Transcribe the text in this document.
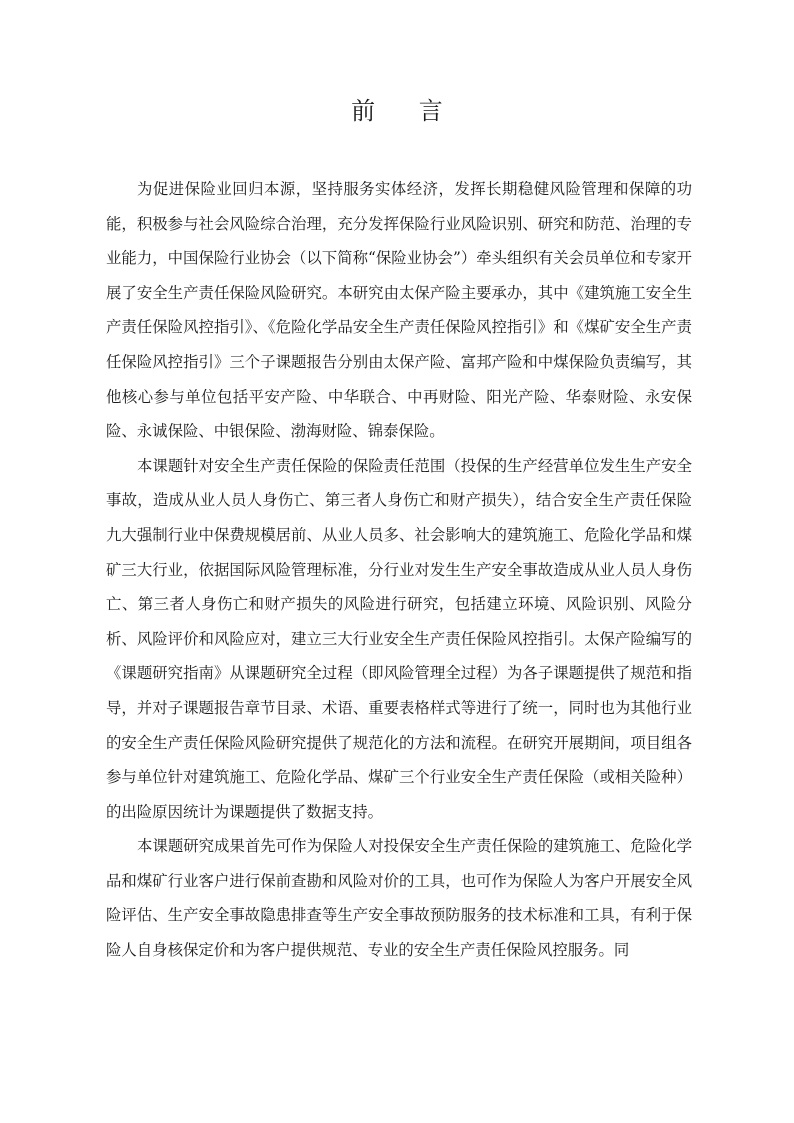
前 言

为促进保险业回归本源，坚持服务实体经济，发挥长期稳健风险管理和保障的功能，积极参与社会风险综合治理，充分发挥保险行业风险识别、研究和防范、治理的专业能力，中国保险行业协会（以下简称“保险业协会”）牵头组织有关会员单位和专家开展了安全生产责任保险风险研究。本研究由太保产险主要承办，其中《建筑施工安全生产责任保险风控指引》、《危险化学品安全生产责任保险风控指引》和《煤矿安全生产责任保险风控指引》三个子课题报告分别由太保产险、富邦产险和中煤保险负责编写，其他核心参与单位包括平安产险、中华联合、中再财险、阳光产险、华泰财险、永安保险、永诚保险、中银保险、渤海财险、锦泰保险。

本课题针对安全生产责任保险的保险责任范围（投保的生产经营单位发生生产安全事故，造成从业人员人身伤亡、第三者人身伤亡和财产损失），结合安全生产责任保险九大强制行业中保费规模居前、从业人员多、社会影响大的建筑施工、危险化学品和煤矿三大行业，依据国际风险管理标准，分行业对发生生产安全事故造成从业人员人身伤亡、第三者人身伤亡和财产损失的风险进行研究，包括建立环境、风险识别、风险分析、风险评价和风险应对，建立三大行业安全生产责任保险风控指引。太保产险编写的《课题研究指南》从课题研究全过程（即风险管理全过程）为各子课题提供了规范和指导，并对子课题报告章节目录、术语、重要表格样式等进行了统一，同时也为其他行业的安全生产责任保险风险研究提供了规范化的方法和流程。在研究开展期间，项目组各参与单位针对建筑施工、危险化学品、煤矿三个行业安全生产责任保险（或相关险种）的出险原因统计为课题提供了数据支持。

本课题研究成果首先可作为保险人对投保安全生产责任保险的建筑施工、危险化学品和煤矿行业客户进行保前查勘和风险对价的工具，也可作为保险人为客户开展安全风险评估、生产安全事故隐患排查等生产安全事故预防服务的技术标准和工具，有利于保险人自身核保定价和为客户提供规范、专业的安全生产责任保险风控服务。同
